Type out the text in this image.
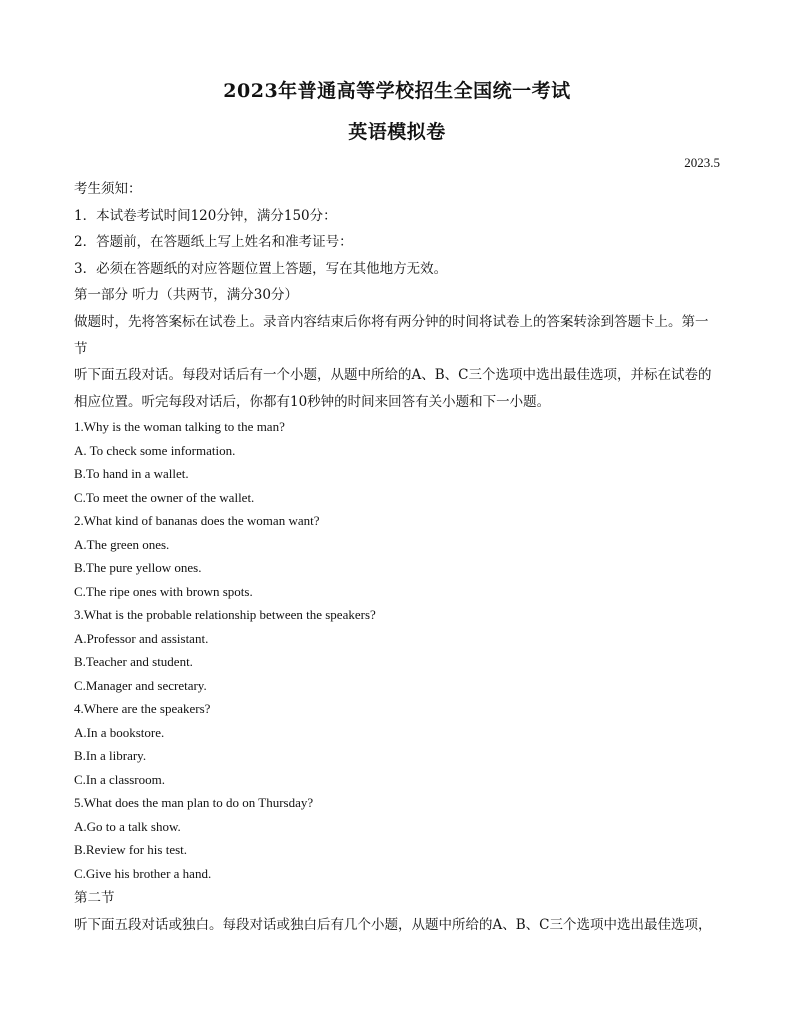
2023年普通高等学校招生全国统一考试
英语模拟卷
2023.5

考生须知：

1．本试卷考试时间120分钟，满分150分：

2．答题前，在答题纸上写上姓名和准考证号：

3．必须在答题纸的对应答题位置上答题，写在其他地方无效。

第一部分 听力（共两节，满分30分）

做题时，先将答案标在试卷上。录音内容结束后你将有两分钟的时间将试卷上的答案转涂到答题卡上。第一

节

听下面五段对话。每段对话后有一个小题，从题中所给的A、B、C三个选项中选出最佳选项，并标在试卷的

相应位置。听完每段对话后，你都有10秒钟的时间来回答有关小题和下一小题。

1.Why is the woman talking to the man?

A. To check some information.

B.To hand in a wallet.

C.To meet the owner of the wallet.

2.What kind of bananas does the woman want?

A.The green ones.

B.The pure yellow ones.

C.The ripe ones with brown spots.

3.What is the probable relationship between the speakers?

A.Professor and assistant.

B.Teacher and student.

C.Manager and secretary.

4.Where are the speakers?

A.In a bookstore.

B.In a library.

C.In a classroom.

5.What does the man plan to do on Thursday?

A.Go to a talk show.

B.Review for his test.

C.Give his brother a hand.

第二节

听下面五段对话或独白。每段对话或独白后有几个小题，从题中所给的A、B、C三个选项中选出最佳选项，
